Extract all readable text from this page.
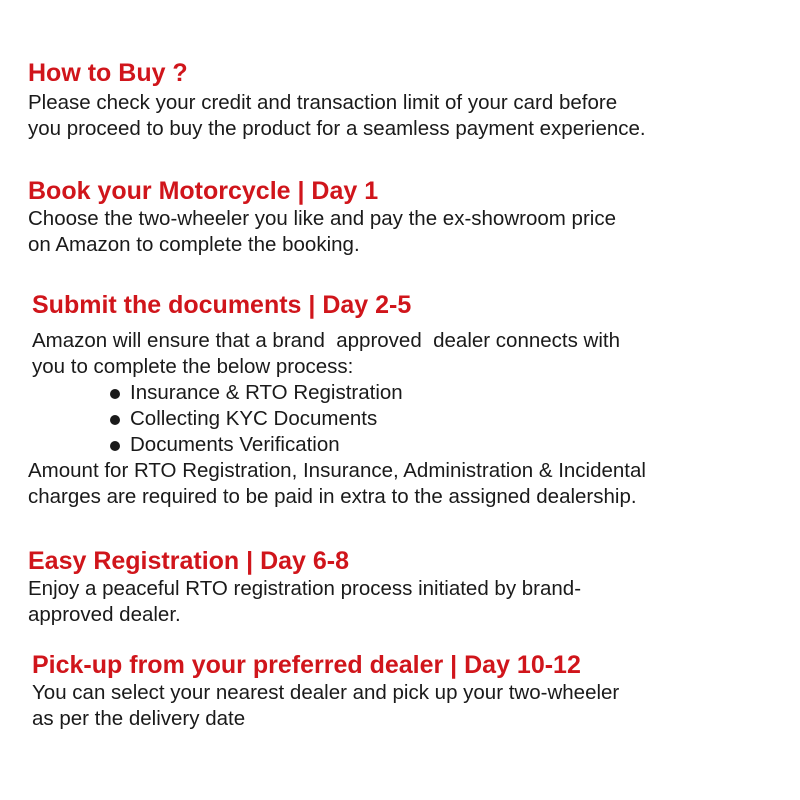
How to Buy ?

Please check your credit and transaction limit of your card before

you proceed to buy the product for a seamless payment experience.

Book your Motorcycle | Day 1

Choose the two-wheeler you like and pay the ex-showroom price

on Amazon to complete the booking.

Submit the documents | Day 2-5

Amazon will ensure that a brand  approved  dealer connects with

you to complete the below process:

Insurance & RTO Registration
Collecting KYC Documents
Documents Verification

Amount for RTO Registration, Insurance, Administration & Incidental

charges are required to be paid in extra to the assigned dealership.

Easy Registration | Day 6-8

Enjoy a peaceful RTO registration process initiated by brand-

approved dealer.

Pick-up from your preferred dealer | Day 10-12

You can select your nearest dealer and pick up your two-wheeler

as per the delivery date
